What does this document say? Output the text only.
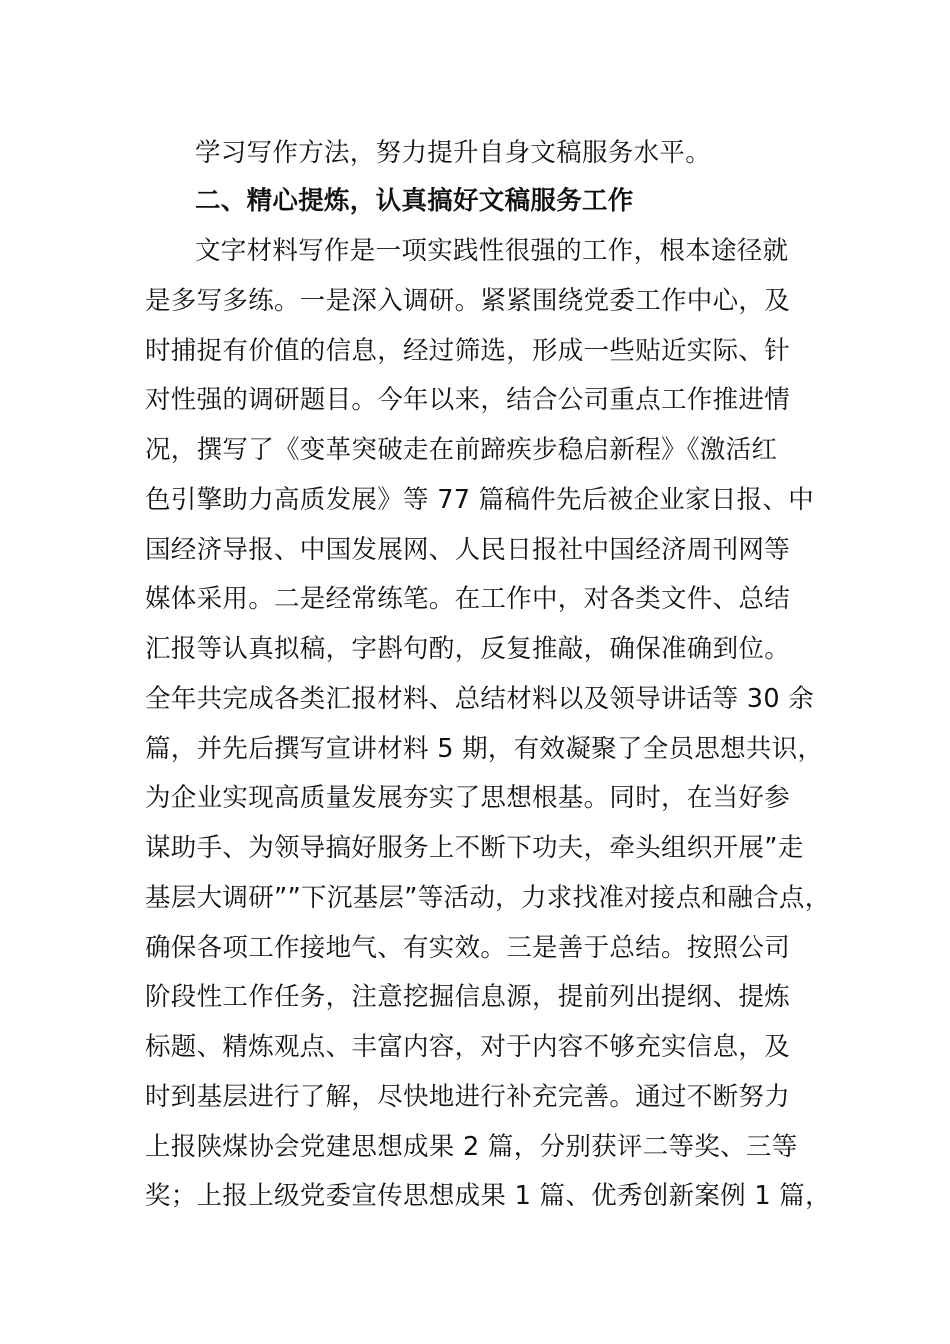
学习写作方法，努力提升自身文稿服务水平。
二、精心提炼，认真搞好文稿服务工作
文字材料写作是一项实践性很强的工作，根本途径就
是多写多练。一是深入调研。紧紧围绕党委工作中心，及
时捕捉有价值的信息，经过筛选，形成一些贴近实际、针
对性强的调研题目。今年以来，结合公司重点工作推进情
况，撰写了《变革突破走在前蹄疾步稳启新程》《激活红
色引擎助力高质发展》等 77 篇稿件先后被企业家日报、中
国经济导报、中国发展网、人民日报社中国经济周刊网等
媒体采用。二是经常练笔。在工作中，对各类文件、总结
汇报等认真拟稿，字斟句酌，反复推敲，确保准确到位。
全年共完成各类汇报材料、总结材料以及领导讲话等 30 余
篇，并先后撰写宣讲材料 5 期，有效凝聚了全员思想共识，
为企业实现高质量发展夯实了思想根基。同时，在当好参
谋助手、为领导搞好服务上不断下功夫，牵头组织开展”走
基层大调研””下沉基层”等活动，力求找准对接点和融合点，
确保各项工作接地气、有实效。三是善于总结。按照公司
阶段性工作任务，注意挖掘信息源，提前列出提纲、提炼
标题、精炼观点、丰富内容，对于内容不够充实信息，及
时到基层进行了解，尽快地进行补充完善。通过不断努力
上报陕煤协会党建思想成果 2 篇，分别获评二等奖、三等
奖；上报上级党委宣传思想成果 1 篇、优秀创新案例 1 篇，
